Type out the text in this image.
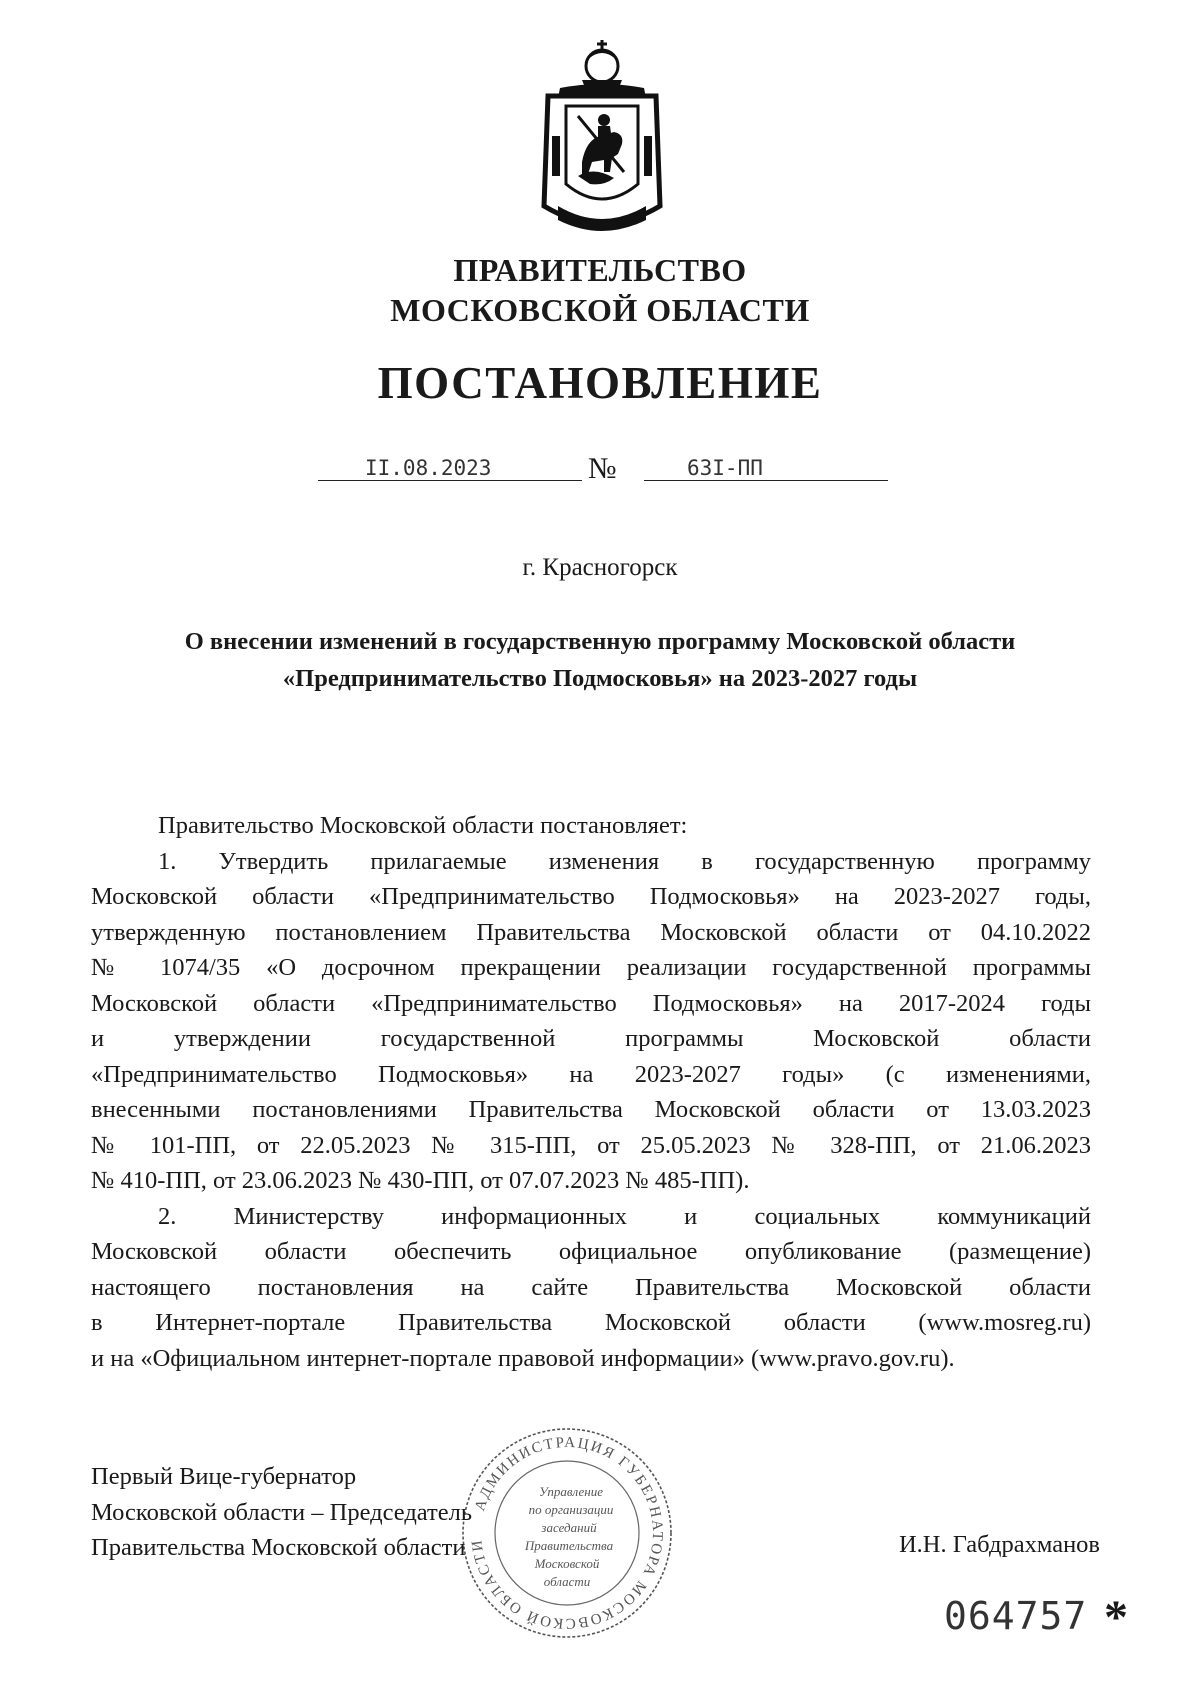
ПРАВИТЕЛЬСТВО
МОСКОВСКОЙ ОБЛАСТИ
ПОСТАНОВЛЕНИЕ
II.08.2023	№	63I-ПП
г. Красногорск
О внесении изменений в государственную программу Московской области
«Предпринимательство Подмосковья» на 2023-2027 годы

Правительство Московской области постановляет:

1. Утвердить прилагаемые изменения в государственную программу

Московской области «Предпринимательство Подмосковья» на 2023-2027 годы,

утвержденную постановлением Правительства Московской области от 04.10.2022

№ 1074/35 «О досрочном прекращении реализации государственной программы

Московской области «Предпринимательство Подмосковья» на 2017-2024 годы

и утверждении государственной программы Московской области

«Предпринимательство Подмосковья» на 2023-2027 годы» (с изменениями,

внесенными постановлениями Правительства Московской области от 13.03.2023

№ 101-ПП, от 22.05.2023 № 315-ПП, от 25.05.2023 № 328-ПП, от 21.06.2023

№ 410-ПП, от 23.06.2023 № 430-ПП, от 07.07.2023 № 485-ПП).

2. Министерству информационных и социальных коммуникаций

Московской области обеспечить официальное опубликование (размещение)

настоящего постановления на сайте Правительства Московской области

в Интернет-портале Правительства Московской области (www.mosreg.ru)

и на «Официальном интернет-портале правовой информации» (www.pravo.gov.ru).

АДМИНИСТРАЦИЯ ГУБЕРНАТОРА МОСКОВСКОЙ ОБЛАСТИ
Управление
по организации
заседаний
Правительства
Московской
области
Первый Вице-губернатор
Московской области – Председатель
Правительства Московской области	И.Н. Габдрахманов
064757 *
